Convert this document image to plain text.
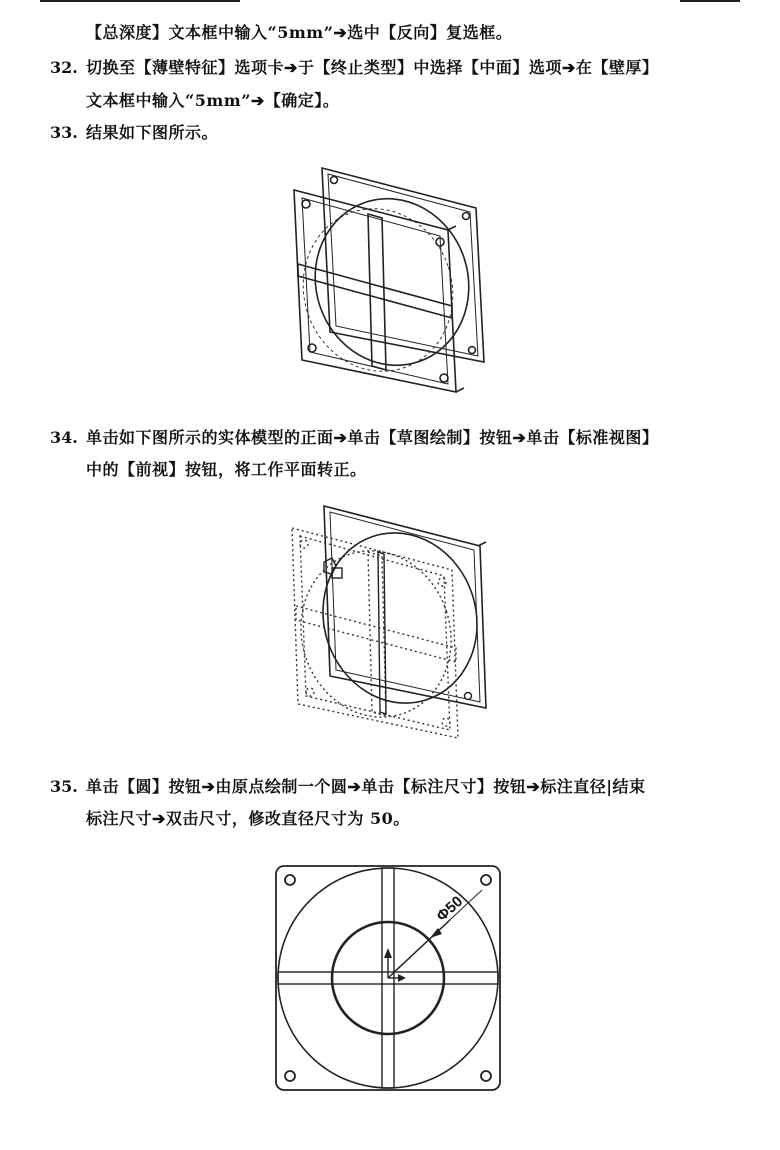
【总深度】文本框中输入“5mm”➔选中【反向】复选框。
32. 切换至【薄壁特征】选项卡➔于【终止类型】中选择【中面】选项➔在【壁厚】
文本框中输入“5mm”➔【确定】。
33. 结果如下图所示。
34. 单击如下图所示的实体模型的正面➔单击【草图绘制】按钮➔单击【标准视图】
中的【前视】按钮，将工作平面转正。
35. 单击【圆】按钮➔由原点绘制一个圆➔单击【标注尺寸】按钮➔标注直径|结束
标注尺寸➔双击尺寸，修改直径尺寸为 50。
Φ50
